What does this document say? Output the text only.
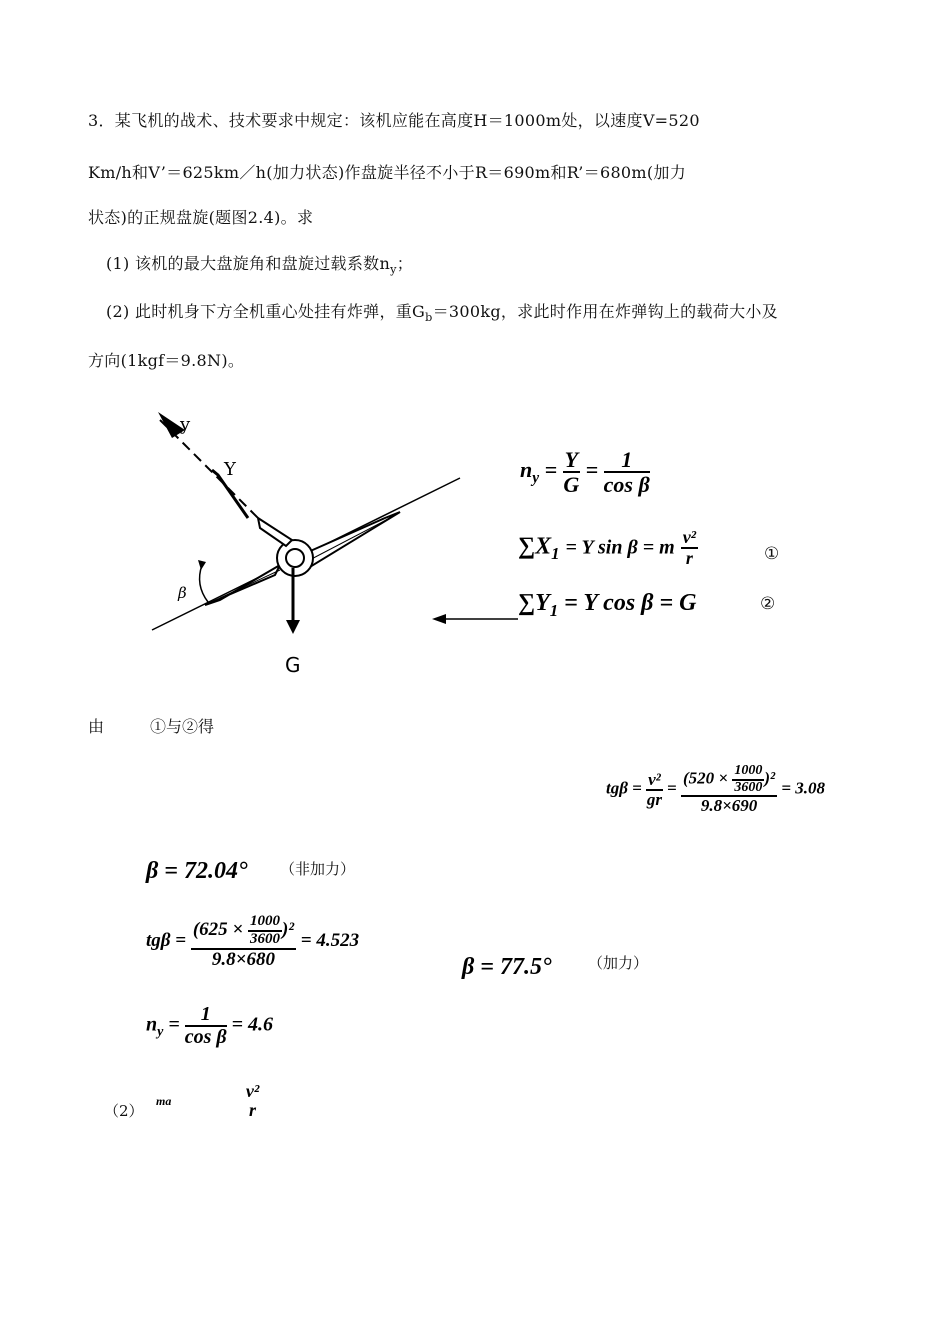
3．某飞机的战术、技术要求中规定：该机应能在高度H＝1000m处，以速度V=520
Km/h和V’＝625km／h(加力状态)作盘旋半径不小于R＝690m和R’＝680m(加力
状态)的正规盘旋(题图2.4)。求
(1) 该机的最大盘旋角和盘旋过载系数$n_y$；
(2) 此时机身下方全机重心处挂有炸弹，重$G_b=300kg$，求此时作用在炸弹钩上的载荷大小及
方向(1kgf＝9.8N)。
y
Y
β
G
$n_y = \frac{Y}{G} = \frac{1}{\text{cos β}}$
$\sum X_1 = Y$ sin β = m $\frac{\text{v²}}{r}$	①
$\sum Y_1 = Y$ cos β = G	②
由	①与②得
$tg\beta = \frac{\text{v²}}{gr} = \frac{(520 \times \frac{1000}{3600} )^2}{9.8\times 690} = 3.08$
β = 72.04° （非加力）
$tg\beta = \frac{(625 \times \frac{1000}{3600} )^2}{9.8\times 680} = 4.523$
β = 77.5° （加力）
$n_y = \frac{1}{\text{cos β}} = 4.6$
（2）
ma
v²
r
